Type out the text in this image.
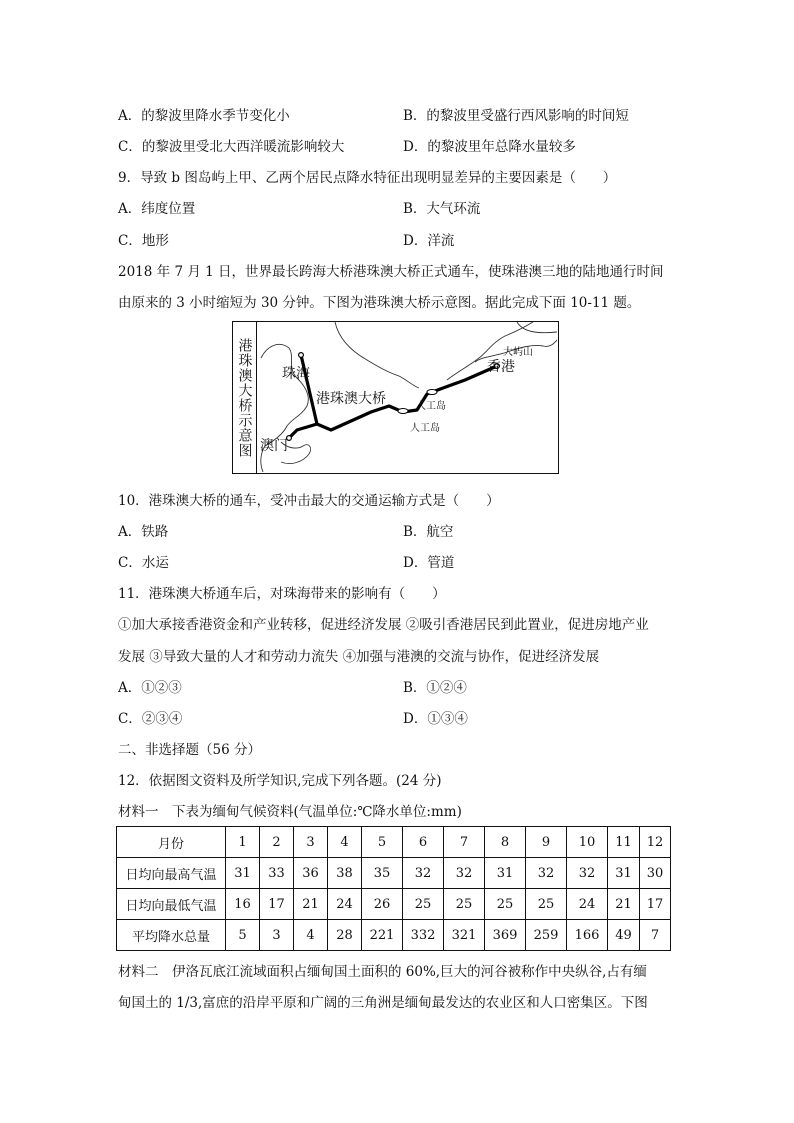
A．的黎波里降水季节变化小	B．的黎波里受盛行西风影响的时间短
C．的黎波里受北大西洋暖流影响较大	D．的黎波里年总降水量较多
9．导致 b 图岛屿上甲、乙两个居民点降水特征出现明显差异的主要因素是（　　）
A．纬度位置	B．大气环流
C．地形	D．洋流
2018 年 7 月 1 日，世界最长跨海大桥港珠澳大桥正式通车，使珠港澳三地的陆地通行时间
由原来的 3 小时缩短为 30 分钟。下图为港珠澳大桥示意图。据此完成下面 10-11 题。
港珠澳大桥示意图	珠海
澳门
港珠澳大桥
香港
大屿山
人工岛
人工岛
10．港珠澳大桥的通车，受冲击最大的交通运输方式是（　　）
A．铁路	B．航空
C．水运	D．管道
11．港珠澳大桥通车后，对珠海带来的影响有（　　）
①加大承接香港资金和产业转移，促进经济发展 ②吸引香港居民到此置业，促进房地产业
发展 ③导致大量的人才和劳动力流失 ④加强与港澳的交流与协作，促进经济发展
A．①②③	B．①②④
C．②③④	D．①③④
二、非选择题（56 分）
12．依据图文资料及所学知识,完成下列各题。(24 分)
材料一　下表为缅甸气候资料(气温单位:℃降水单位:mm)
月份	1	2	3	4	5	6	7	8	9	10	11	12
日均向最高气温	31	33	36	38	35	32	32	31	32	32	31	30
日均向最低气温	16	17	21	24	26	25	25	25	25	24	21	17
平均降水总量	5	3	4	28	221	332	321	369	259	166	49	7
材料二　伊洛瓦底江流域面积占缅甸国土面积的 60%,巨大的河谷被称作中央纵谷,占有缅
甸国土的 1/3,富庶的沿岸平原和广阔的三角洲是缅甸最发达的农业区和人口密集区。下图
